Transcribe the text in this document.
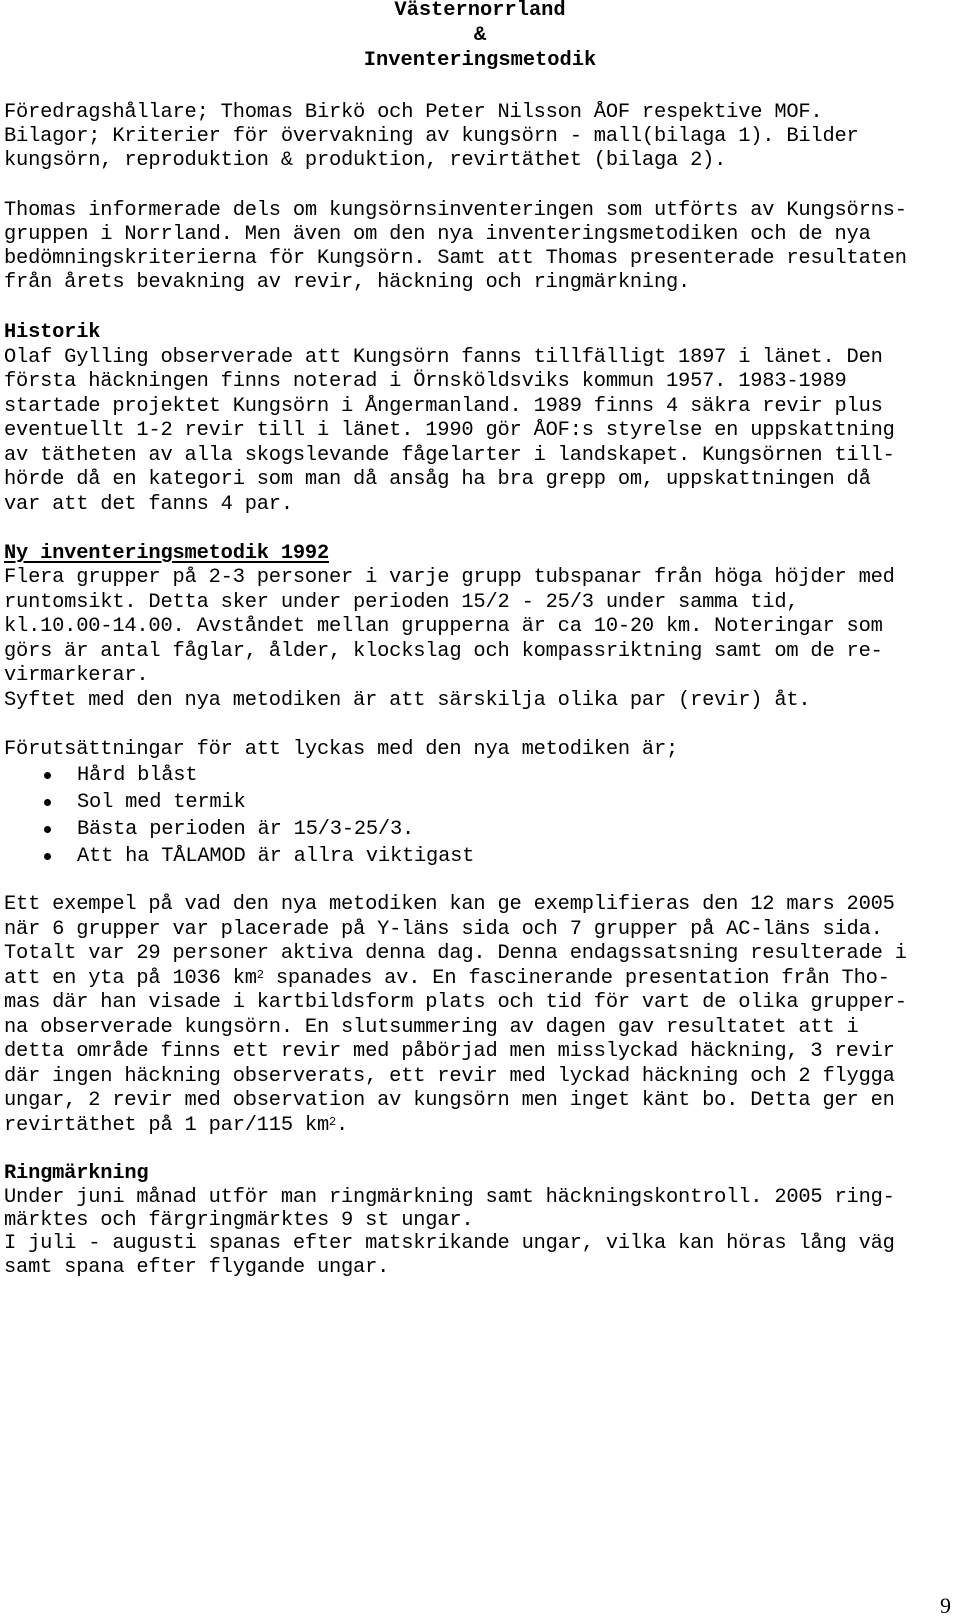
Västernorrland
&
Inventeringsmetodik
Föredragshållare; Thomas Birkö och Peter Nilsson ÅOF respektive MOF.
Bilagor; Kriterier för övervakning av kungsörn - mall(bilaga 1). Bilder
kungsörn, reproduktion & produktion, revirtäthet (bilaga 2).
Thomas informerade dels om kungsörnsinventeringen som utförts av Kungsörns-
gruppen i Norrland. Men även om den nya inventeringsmetodiken och de nya
bedömningskriterierna för Kungsörn. Samt att Thomas presenterade resultaten
från årets bevakning av revir, häckning och ringmärkning.
Historik
Olaf Gylling observerade att Kungsörn fanns tillfälligt 1897 i länet. Den
första häckningen finns noterad i Örnsköldsviks kommun 1957. 1983-1989
startade projektet Kungsörn i Ångermanland. 1989 finns 4 säkra revir plus
eventuellt 1-2 revir till i länet. 1990 gör ÅOF:s styrelse en uppskattning
av tätheten av alla skogslevande fågelarter i landskapet. Kungsörnen till-
hörde då en kategori som man då ansåg ha bra grepp om, uppskattningen då
var att det fanns 4 par.
Ny inventeringsmetodik 1992
Flera grupper på 2-3 personer i varje grupp tubspanar från höga höjder med
runtomsikt. Detta sker under perioden 15/2 - 25/3 under samma tid,
kl.10.00-14.00. Avståndet mellan grupperna är ca 10-20 km. Noteringar som
görs är antal fåglar, ålder, klockslag och kompassriktning samt om de re-
virmarkerar.
Syftet med den nya metodiken är att särskilja olika par (revir) åt.
Förutsättningar för att lyckas med den nya metodiken är;
Hård blåst
Sol med termik
Bästa perioden är 15/3-25/3.
Att ha TÅLAMOD är allra viktigast
Ett exempel på vad den nya metodiken kan ge exemplifieras den 12 mars 2005
när 6 grupper var placerade på Y-läns sida och 7 grupper på AC-läns sida.
Totalt var 29 personer aktiva denna dag. Denna endagssatsning resulterade i
att en yta på 1036 $km^2$ spanades av. En fascinerande presentation från Tho-
mas där han visade i kartbildsform plats och tid för vart de olika grupper-
na observerade kungsörn. En slutsummering av dagen gav resultatet att i
detta område finns ett revir med påbörjad men misslyckad häckning, 3 revir
där ingen häckning observerats, ett revir med lyckad häckning och 2 flygga
ungar, 2 revir med observation av kungsörn men inget känt bo. Detta ger en
revirtäthet på 1 par/115 $km^2$.
Ringmärkning
Under juni månad utför man ringmärkning samt häckningskontroll. 2005 ring-
märktes och färgringmärktes 9 st ungar.
I juli - augusti spanas efter matskrikande ungar, vilka kan höras lång väg
samt spana efter flygande ungar.
9
